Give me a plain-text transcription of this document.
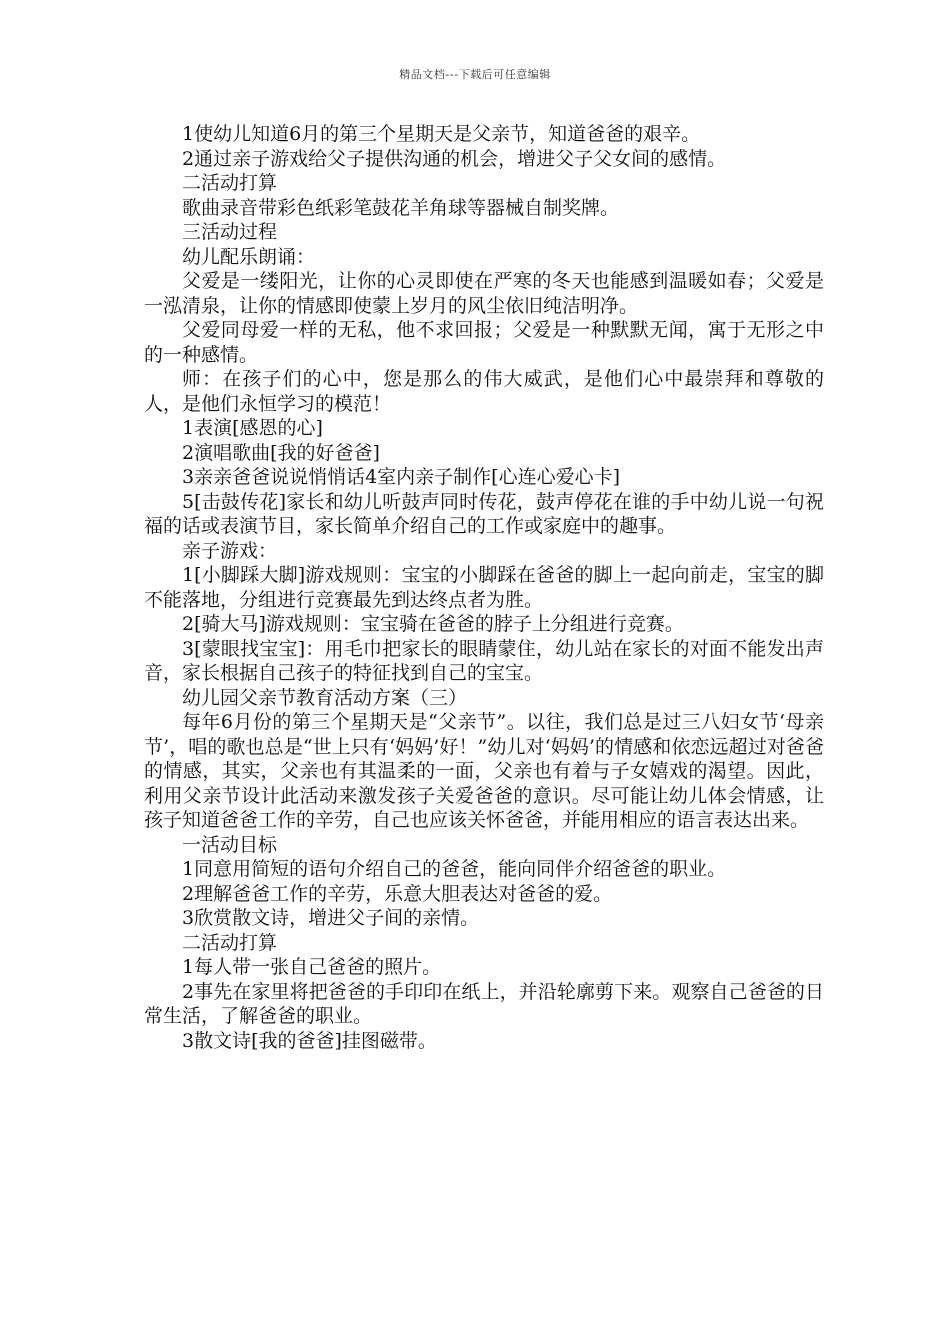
精品文档---下载后可任意编辑

1使幼儿知道6月的第三个星期天是父亲节，知道爸爸的艰辛。

2通过亲子游戏给父子提供沟通的机会，增进父子父女间的感情。

二活动打算

歌曲录音带彩色纸彩笔鼓花羊角球等器械自制奖牌。

三活动过程

幼儿配乐朗诵：

父爱是一缕阳光，让你的心灵即使在严寒的冬天也能感到温暖如春；父爱是一泓清泉，让你的情感即使蒙上岁月的风尘依旧纯洁明净。

父爱同母爱一样的无私，他不求回报；父爱是一种默默无闻，寓于无形之中的一种感情。

师：在孩子们的心中，您是那么的伟大威武，是他们心中最崇拜和尊敬的人，是他们永恒学习的模范！

1表演[感恩的心]

2演唱歌曲[我的好爸爸]

3亲亲爸爸说说悄悄话4室内亲子制作[心连心爱心卡]

5[击鼓传花]家长和幼儿听鼓声同时传花，鼓声停花在谁的手中幼儿说一句祝福的话或表演节目，家长简单介绍自己的工作或家庭中的趣事。

亲子游戏：

1[小脚踩大脚]游戏规则：宝宝的小脚踩在爸爸的脚上一起向前走，宝宝的脚不能落地，分组进行竞赛最先到达终点者为胜。

2[骑大马]游戏规则：宝宝骑在爸爸的脖子上分组进行竞赛。

3[蒙眼找宝宝]：用毛巾把家长的眼睛蒙住，幼儿站在家长的对面不能发出声音，家长根据自己孩子的特征找到自己的宝宝。

幼儿园父亲节教育活动方案（三）

每年6月份的第三个星期天是“父亲节”。以往，我们总是过三八妇女节‘母亲节’，唱的歌也总是“世上只有‘妈妈’好！”幼儿对‘妈妈’的情感和依恋远超过对爸爸的情感，其实，父亲也有其温柔的一面，父亲也有着与子女嬉戏的渴望。因此，利用父亲节设计此活动来激发孩子关爱爸爸的意识。尽可能让幼儿体会情感，让孩子知道爸爸工作的辛劳，自己也应该关怀爸爸，并能用相应的语言表达出来。

一活动目标

1同意用简短的语句介绍自己的爸爸，能向同伴介绍爸爸的职业。

2理解爸爸工作的辛劳，乐意大胆表达对爸爸的爱。

3欣赏散文诗，增进父子间的亲情。

二活动打算

1每人带一张自己爸爸的照片。

2事先在家里将把爸爸的手印印在纸上，并沿轮廓剪下来。观察自己爸爸的日常生活，了解爸爸的职业。

3散文诗[我的爸爸]挂图磁带。
